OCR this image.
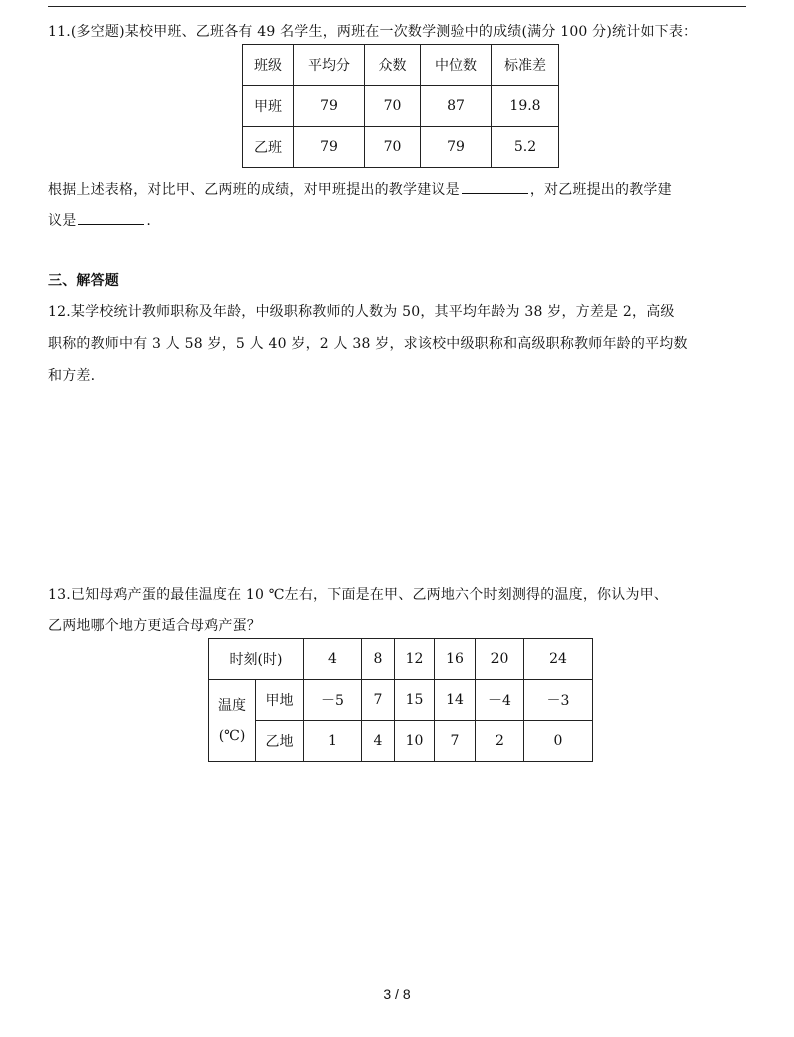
11.(多空题)某校甲班、乙班各有 49 名学生，两班在一次数学测验中的成绩(满分 100 分)统计如下表：
班级	平均分	众数	中位数	标准差
甲班	79	70	87	19.8
乙班	79	70	79	5.2
根据上述表格，对比甲、乙两班的成绩，对甲班提出的教学建议是	，对乙班提出的教学建
议是	.
三、解答题
12.某学校统计教师职称及年龄，中级职称教师的人数为 50，其平均年龄为 38 岁，方差是 2，高级
职称的教师中有 3 人 58 岁，5 人 40 岁，2 人 38 岁，求该校中级职称和高级职称教师年龄的平均数
和方差.
13.已知母鸡产蛋的最佳温度在 10 ℃左右，下面是在甲、乙两地六个时刻测得的温度，你认为甲、
乙两地哪个地方更适合母鸡产蛋？
时刻(时)		4	8	12	16	20	24
温度
(℃)	甲地	－5	7	15	14	－4	－3
	乙地	1	4	10	7	2	0
3 / 8
